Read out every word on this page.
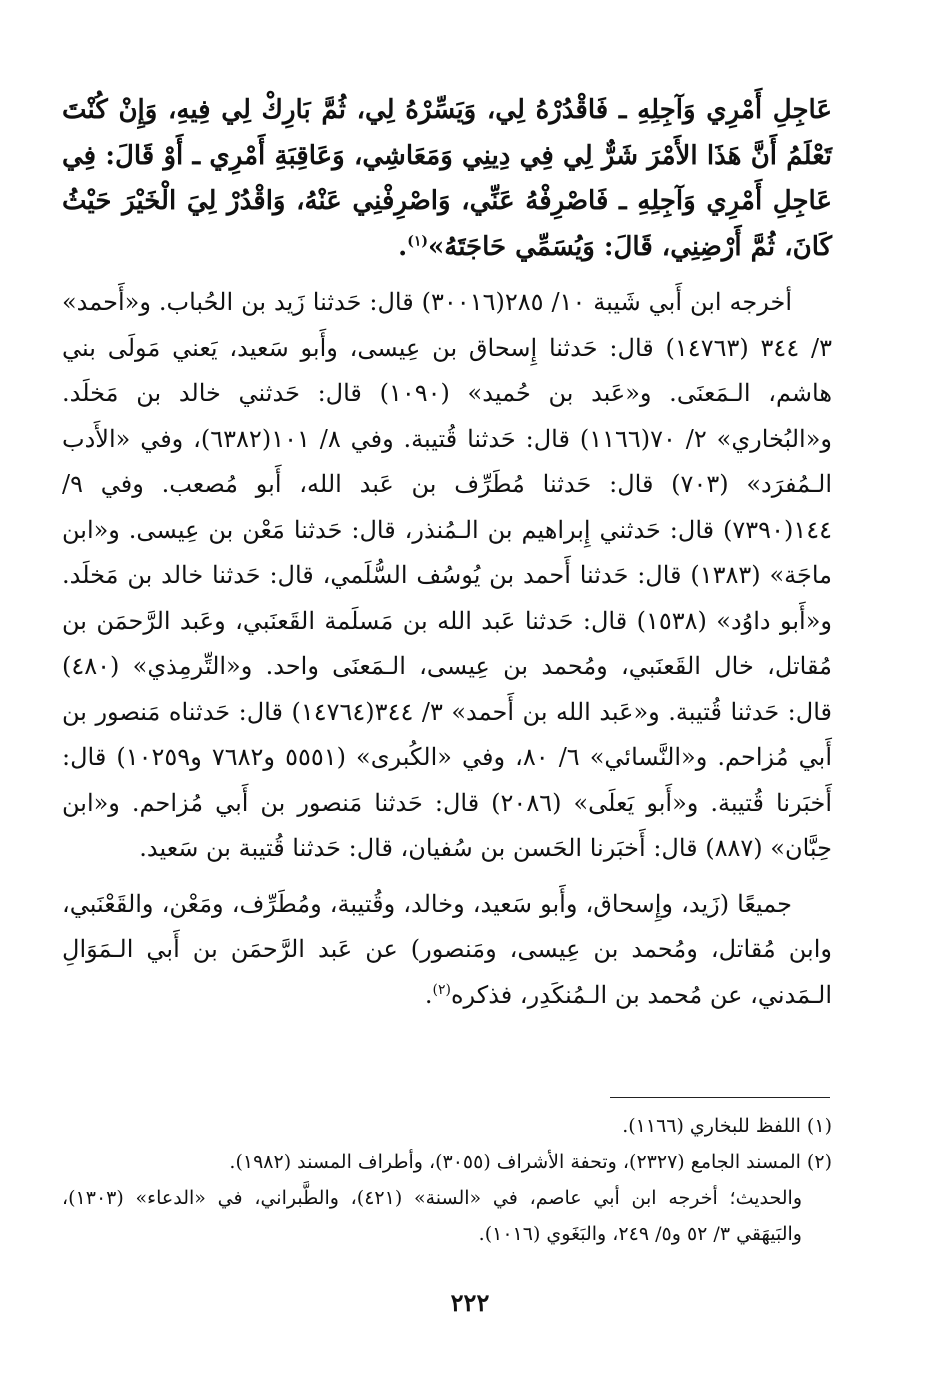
عَاجِلِ أَمْرِي وَآجِلِهِ ـ فَاقْدُرْهُ لِي، وَيَسِّرْهُ لِي، ثُمَّ بَارِكْ لِي فِيهِ، وَإِنْ كُنْتَ تَعْلَمُ أَنَّ هَذَا الأَمْرَ شَرٌّ لِي فِي دِينِي وَمَعَاشِي، وَعَاقِبَةِ أَمْرِي ـ أَوْ قَالَ: فِي عَاجِلِ أَمْرِي وَآجِلِهِ ـ فَاصْرِفْهُ عَنِّي، وَاصْرِفْنِي عَنْهُ، وَاقْدُرْ لِيَ الْخَيْرَ حَيْثُ كَانَ، ثُمَّ أَرْضِنِي، قَالَ: وَيُسَمِّي حَاجَتَهُ»$^{(١)}$.

أخرجه ابن أَبي شَيبة ١٠/ ٢٨٥(٣٠٠١٦) قال: حَدثنا زَيد بن الحُباب. و«أَحمد» ٣/ ٣٤٤ (١٤٧٦٣) قال: حَدثنا إِسحاق بن عِيسى، وأَبو سَعيد، يَعني مَولَى بني هاشم، الـمَعنَى. و«عَبد بن حُميد» (١٠٩٠) قال: حَدثني خالد بن مَخلَد. و«البُخاري» ٢/ ٧٠(١١٦٦) قال: حَدثنا قُتيبة. وفي ٨/ ١٠١(٦٣٨٢)، وفي «الأَدب الـمُفرَد» (٧٠٣) قال: حَدثنا مُطَرِّف بن عَبد الله، أَبو مُصعب. وفي ٩/ ١٤٤(٧٣٩٠) قال: حَدثني إِبراهيم بن الـمُنذر، قال: حَدثنا مَعْن بن عِيسى. و«ابن ماجَة» (١٣٨٣) قال: حَدثنا أَحمد بن يُوسُف السُّلَمي، قال: حَدثنا خالد بن مَخلَد. و«أَبو داوُد» (١٥٣٨) قال: حَدثنا عَبد الله بن مَسلَمة القَعنَبي، وعَبد الرَّحمَن بن مُقاتل، خال القَعنَبي، ومُحمد بن عِيسى، الـمَعنَى واحد. و«التِّرمِذي» (٤٨٠) قال: حَدثنا قُتيبة. و«عَبد الله بن أَحمد» ٣/ ٣٤٤(١٤٧٦٤) قال: حَدثناه مَنصور بن أَبي مُزاحم. و«النَّسائي» ٦/ ٨٠، وفي «الكُبرى» (٥٥٥١ و٧٦٨٢ و١٠٢٥٩) قال: أَخبَرنا قُتيبة. و«أَبو يَعلَى» (٢٠٨٦) قال: حَدثنا مَنصور بن أَبي مُزاحم. و«ابن حِبَّان» (٨٨٧) قال: أَخبَرنا الحَسن بن سُفيان، قال: حَدثنا قُتيبة بن سَعيد.

جميعًا (زَيد، وإِسحاق، وأَبو سَعيد، وخالد، وقُتيبة، ومُطَرِّف، ومَعْن، والقَعْنَبي، وابن مُقاتل، ومُحمد بن عِيسى، ومَنصور) عن عَبد الرَّحمَن بن أَبي الـمَوَالِ الـمَدني، عن مُحمد بن الـمُنكَدِر، فذكره$^{(٢)}$.

(١) اللفظ للبخاري (١١٦٦).

(٢) المسند الجامع (٢٣٢٧)، وتحفة الأشراف (٣٠٥٥)، وأطراف المسند (١٩٨٢).

والحديث؛ أخرجه ابن أبي عاصم، في «السنة» (٤٢١)، والطَّبراني، في «الدعاء» (١٣٠٣)، والبَيهَقي ٣/ ٥٢ و٥/ ٢٤٩، والبَغَوي (١٠١٦).

٢٢٢
